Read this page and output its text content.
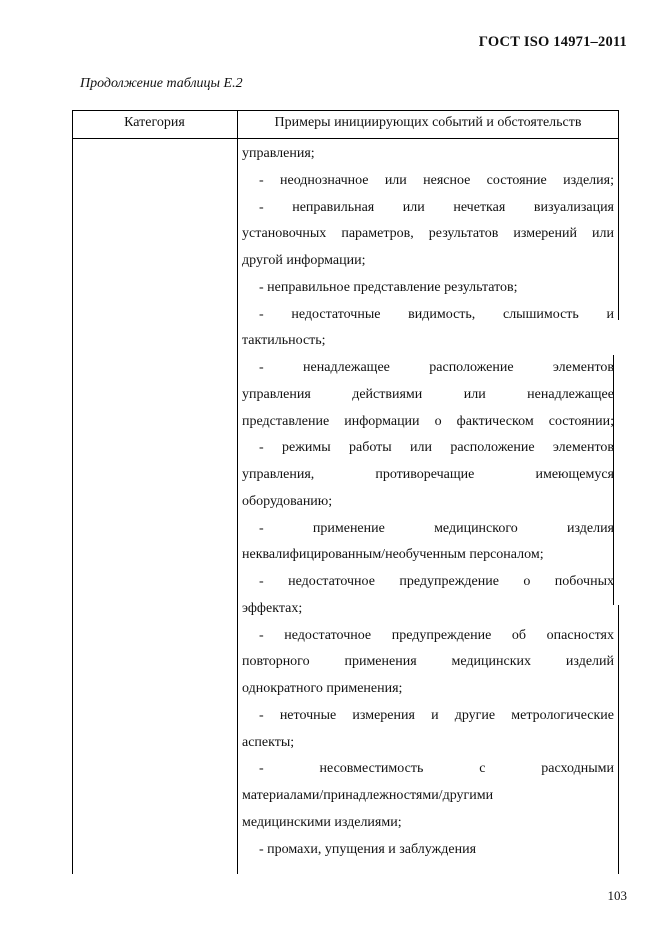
ГОСТ ISO 14971–2011
Продолжение таблицы Е.2
Категория	Примеры инициирующих событий и обстоятельств
управления;
- неоднозначное или неясное состояние изделия;
- неправильная или нечеткая визуализация
установочных параметров, результатов измерений или
другой информации;
- неправильное представление результатов;
- недостаточные видимость, слышимость и
тактильность;
- ненадлежащее расположение элементов
управления действиями или ненадлежащее
представление информации о фактическом состоянии;
- режимы работы или расположение элементов
управления, противоречащие имеющемуся
оборудованию;
- применение медицинского изделия
неквалифицированным/необученным персоналом;
- недостаточное предупреждение о побочных
эффектах;
- недостаточное предупреждение об опасностях
повторного применения медицинских изделий
однократного применения;
- неточные измерения и другие метрологические
аспекты;
- несовместимость с расходными
материалами/принадлежностями/другими
медицинскими изделиями;
- промахи, упущения и заблуждения
103
